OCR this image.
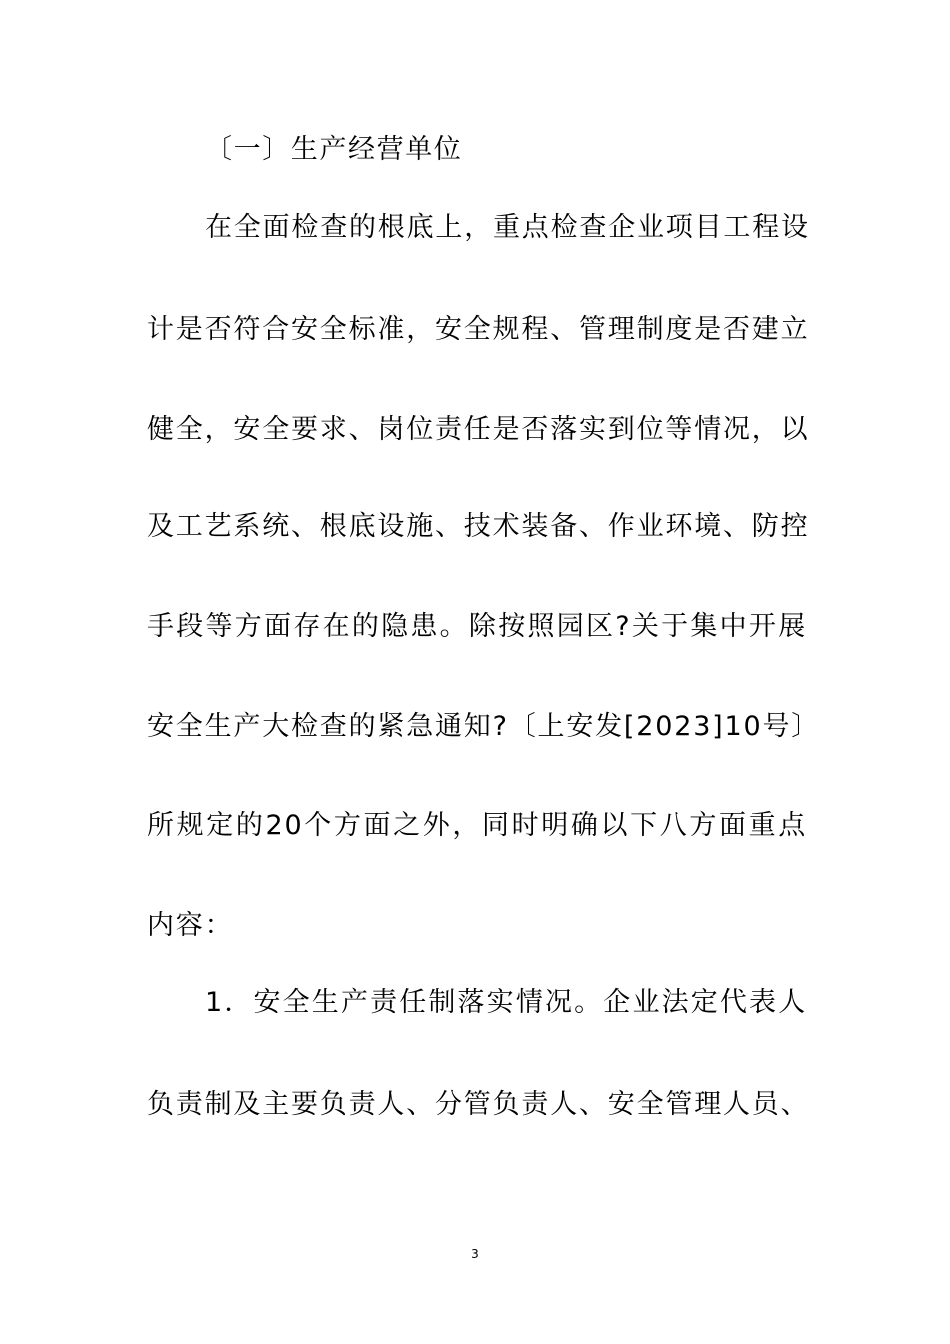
〔一〕生产经营单位
在全面检查的根底上，重点检查企业项目工程设
计是否符合安全标准，安全规程、管理制度是否建立
健全，安全要求、岗位责任是否落实到位等情况，以
及工艺系统、根底设施、技术装备、作业环境、防控
手段等方面存在的隐患。除按照园区?关于集中开展
安全生产大检查的紧急通知?〔上安发[2023]10号〕
所规定的20个方面之外，同时明确以下八方面重点
内容：
1．安全生产责任制落实情况。企业法定代表人
负责制及主要负责人、分管负责人、安全管理人员、
3
